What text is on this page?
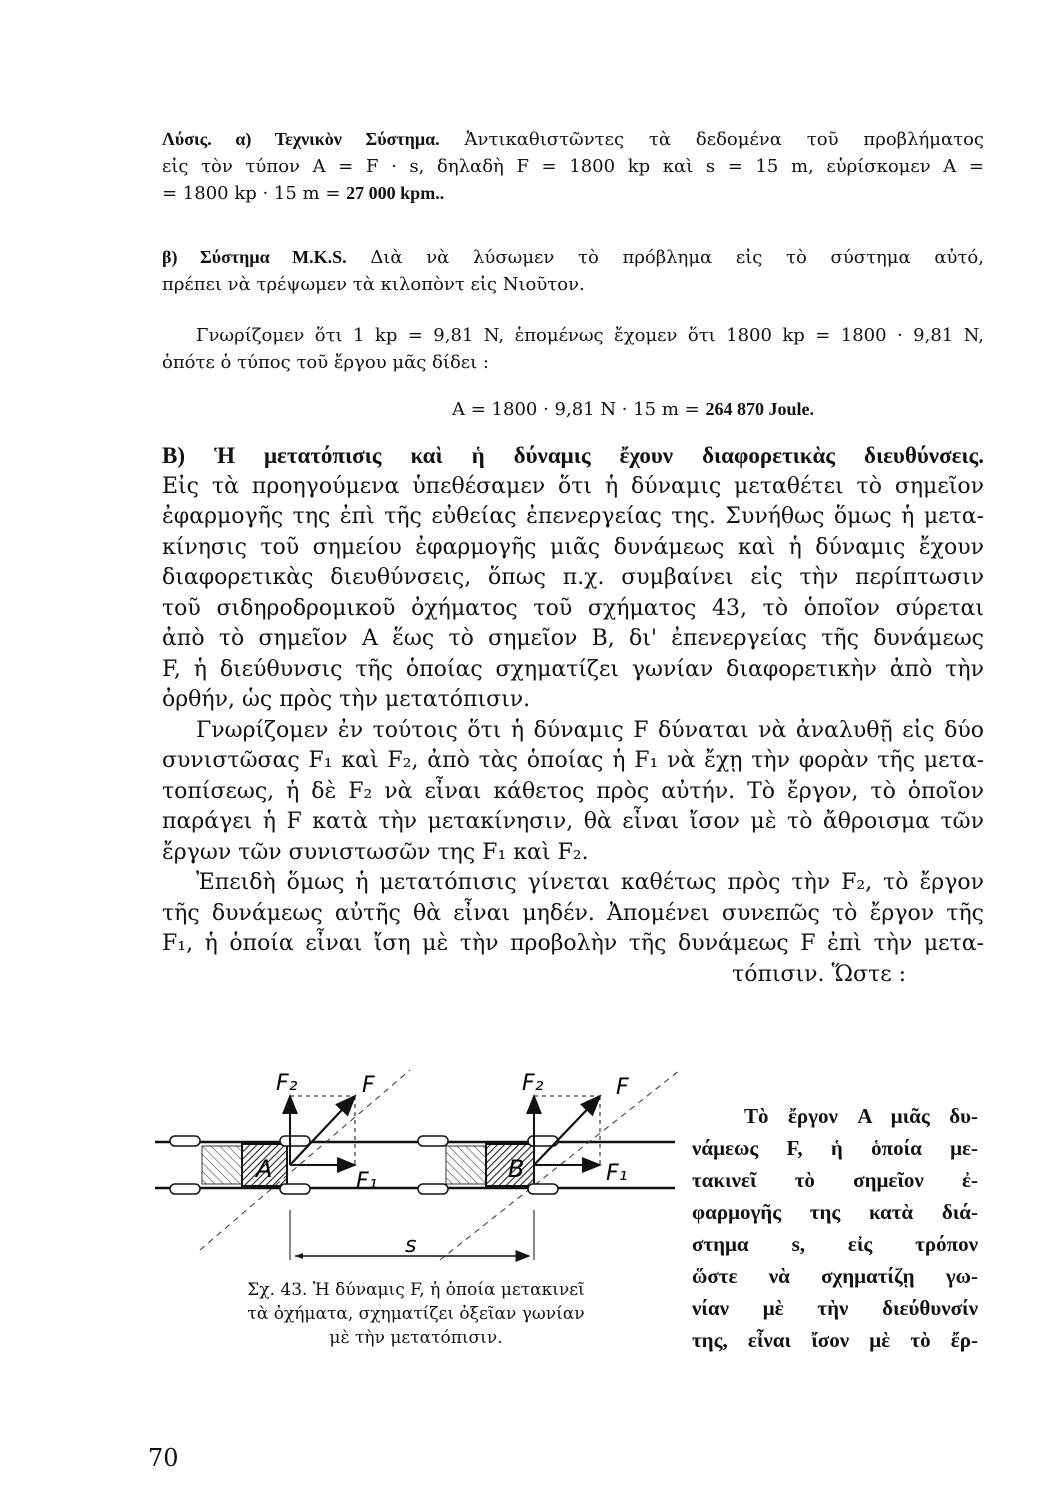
Λύσις. α) Τεχνικὸν Σύστημα. Ἀντικαθιστῶντες τὰ δεδομένα τοῦ προβλήματος
εἰς τὸν τύπον A = F · s, δηλαδὴ F = 1800 kp καὶ s = 15 m, εὑρίσκομεν A =
= 1800 kp · 15 m = 27 000 kpm..
β) Σύστημα M.K.S. Διὰ νὰ λύσωμεν τὸ πρόβλημα εἰς τὸ σύστημα αὐτό,
πρέπει νὰ τρέψωμεν τὰ κιλοπὸντ εἰς Νιοῦτον.
Γνωρίζομεν ὅτι 1 kp = 9,81 N, ἑπομένως ἔχομεν ὅτι 1800 kp = 1800 · 9,81 N,
ὁπότε ὁ τύπος τοῦ ἔργου μᾶς δίδει :
A = 1800 · 9,81 N · 15 m = 264 870 Joule.
B) Ἡ μετατόπισις καὶ ἡ δύναμις ἔχουν διαφορετικὰς διευθύνσεις.
Εἰς τὰ προηγούμενα ὑπεθέσαμεν ὅτι ἡ δύναμις μεταθέτει τὸ σημεῖον
ἐφαρμογῆς της ἐπὶ τῆς εὐθείας ἐπενεργείας της. Συνήθως ὅμως ἡ μετα-
κίνησις τοῦ σημείου ἐφαρμογῆς μιᾶς δυνάμεως καὶ ἡ δύναμις ἔχουν
διαφορετικὰς διευθύνσεις, ὅπως π.χ. συμβαίνει εἰς τὴν περίπτωσιν
τοῦ σιδηροδρομικοῦ ὀχήματος τοῦ σχήματος 43, τὸ ὁποῖον σύρεται
ἀπὸ τὸ σημεῖον A ἕως τὸ σημεῖον B, δι' ἐπενεργείας τῆς δυνάμεως
F, ἡ διεύθυνσις τῆς ὁποίας σχηματίζει γωνίαν διαφορετικὴν ἀπὸ τὴν
ὀρθήν, ὡς πρὸς τὴν μετατόπισιν.
Γνωρίζομεν ἐν τούτοις ὅτι ἡ δύναμις F δύναται νὰ ἀναλυθῇ εἰς δύο
συνιστῶσας F₁ καὶ F₂, ἀπὸ τὰς ὁποίας ἡ F₁ νὰ ἔχῃ τὴν φορὰν τῆς μετα-
τοπίσεως, ἡ δὲ F₂ νὰ εἶναι κάθετος πρὸς αὐτήν. Τὸ ἔργον, τὸ ὁποῖον
παράγει ἡ F κατὰ τὴν μετακίνησιν, θὰ εἶναι ἴσον μὲ τὸ ἄθροισμα τῶν
ἔργων τῶν συνιστωσῶν της F₁ καὶ F₂.
Ἐπειδὴ ὅμως ἡ μετατόπισις γίνεται καθέτως πρὸς τὴν F₂, τὸ ἔργον
τῆς δυνάμεως αὐτῆς θὰ εἶναι μηδέν. Ἀπομένει συνεπῶς τὸ ἔργον τῆς
F₁, ἡ ὁποία εἶναι ἴση μὲ τὴν προβολὴν τῆς δυνάμεως F ἐπὶ τὴν μετα-
τόπισιν. Ὥστε :
F₂	F
A	F₁
F₂	F
B	F₁
s
Σχ. 43. Ἡ δύναμις F, ἡ ὁποία μετακινεῖ
τὰ ὀχήματα, σχηματίζει ὀξεῖαν γωνίαν
μὲ τὴν μετατόπισιν.
Τὸ ἔργον A μιᾶς δυ-
νάμεως F, ἡ ὁποία με-
τακινεῖ τὸ σημεῖον ἐ-
φαρμογῆς της κατὰ διά-
στημα s, εἰς τρόπον
ὥστε νὰ σχηματίζῃ γω-
νίαν μὲ τὴν διεύθυνσίν
της, εἶναι ἴσον μὲ τὸ ἔρ-
70
